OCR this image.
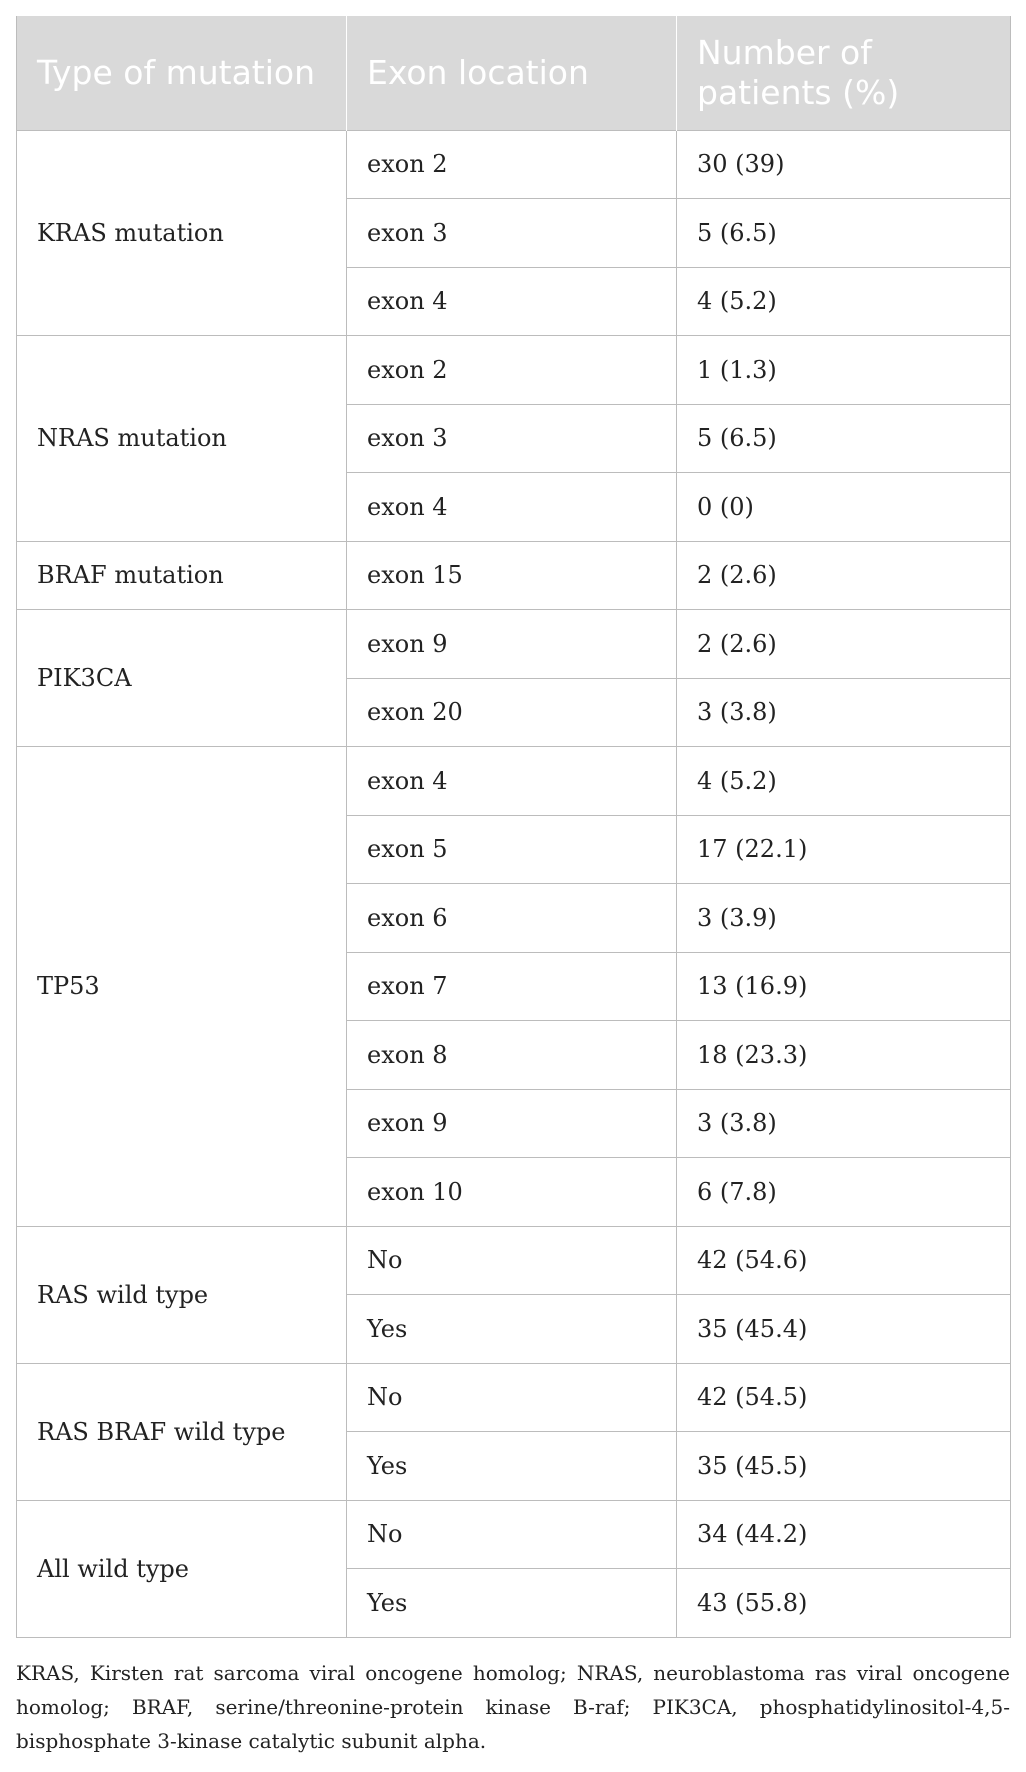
Type of mutation	Exon location	Number of patients (%)
KRAS mutation	exon 2	30 (39)
	exon 3	5 (6.5)
	exon 4	4 (5.2)
NRAS mutation	exon 2	1 (1.3)
	exon 3	5 (6.5)
	exon 4	0 (0)
BRAF mutation	exon 15	2 (2.6)
PIK3CA	exon 9	2 (2.6)
	exon 20	3 (3.8)
TP53	exon 4	4 (5.2)
	exon 5	17 (22.1)
	exon 6	3 (3.9)
	exon 7	13 (16.9)
	exon 8	18 (23.3)
	exon 9	3 (3.8)
	exon 10	6 (7.8)
RAS wild type	No	42 (54.6)
	Yes	35 (45.4)
RAS BRAF wild type	No	42 (54.5)
	Yes	35 (45.5)
All wild type	No	34 (44.2)
	Yes	43 (55.8)
KRAS, Kirsten rat sarcoma viral oncogene homolog; NRAS, neuroblastoma ras viral oncogene homolog; BRAF, serine/threonine-protein kinase B-raf; PIK3CA, phosphatidylinositol-4,5-bisphosphate 3-kinase catalytic subunit alpha.
